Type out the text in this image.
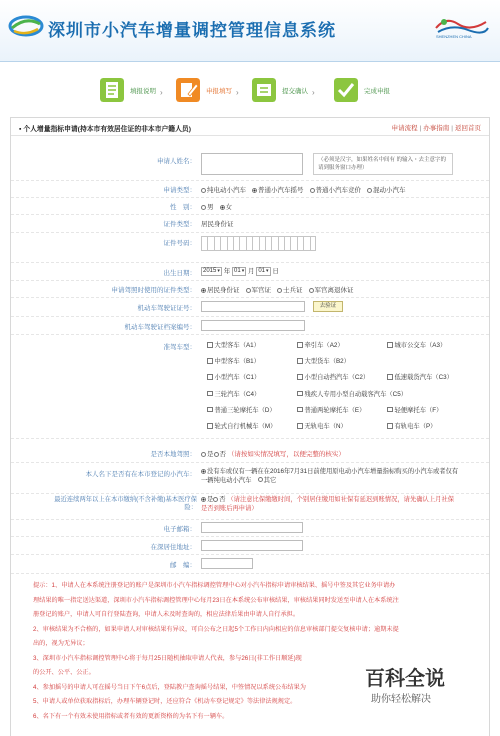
深圳市小汽车增量调控管理信息系统	SHENZHEN CHINA
填报说明 ›	申报填写 ›	提交确认 ›	完成申报
▪ 个人增量指标申请(持本市有效居住证的非本市户籍人员)	申请流程 | 办事指南 | 返回首页
申请人姓名：	（必须是汉字，如果姓名中间有 的输入・去主意字的请到服务窗口办理）
申请类型：	纯电动小汽车 普通小汽车摇号 普通小汽车竞价 混动小汽车
性　别：	男 女
证件类型： 居民身份证
证件号码：
出生日期：	2015 ▾ 年 01 ▾ 月 01 ▾ 日
申请驾照时使用的证件类型：	居民身份证 军官证 士兵证 军官离退休证
机动车驾驶证证号：	去验证
机动车驾驶证档案编号：
准驾车型：	大型客车（A1）	牵引车（A2）	城市公交车（A3）
中型客车（B1）	大型货车（B2）
小型汽车（C1）	小型自动挡汽车（C2）	低速载货汽车（C3）
三轮汽车（C4）	残疾人专用小型自动载客汽车（C5）
普通三轮摩托车（D）	普通两轮摩托车（E）	轻便摩托车（F）
轮式自行机械车（M）	无轨电车（N）	有轨电车（P）
是否本地驾照：	是 否 （请按如实情况填写，以便完整的核实）
本人名下是否有在本市登记的小汽车：	没有车或仅有一辆在在2016年7月31日前使用原电动小汽车增量指标购买的小汽车或者仅有一辆纯电动小汽车　 其它
最近连续两年以上在本市缴纳(不含补缴)基本医疗保险：
是 否 （请注意比保缴缴时间，个别居住缴用如社保有延迟到账情况，请先确认上月社保是否到账后再申请）
电子邮箱：
在深居住地址：
邮　编：
提示：1、申请人在本系统注册登记的账户是深圳市小汽车指标调控管理中心对小汽车指标申请审核结果、摇号中签及其它业务申请办
理结果的唯一指定送达渠道，深圳市小汽车指标调控管理中心每月23日在本系统公布审核结果，审核结果同时发送至申请人在本系统注
册登记的账户，申请人可自行登陆查询，申请人未及时查询的，相应法律后果由申请人自行承担。
2、审核结果为不合格的，如果申请人对审核结果有异议，可自公布之日起5个工作日内向相应的信息审核部门提交复核申请；逾期未提
出的，视为无异议；
3、深圳市小汽车指标调控管理中心将于每月25日随机抽取申请人代表，参与26日(非工作日顺延)现
的公开、公平、公正。
4、参加摇号的申请人可在摇号当日下午6点后，登陆教户查询摇号结果，中签情况以系统公布结果为
5、申请人或单位获取指标后，办理车辆登记时，还应符合《机动车登记规定》等法律法规规定。
6、名下有一个有效未使用指标或者有效的更新资格的为名下有一辆车。
百科全说
助你轻松解决
